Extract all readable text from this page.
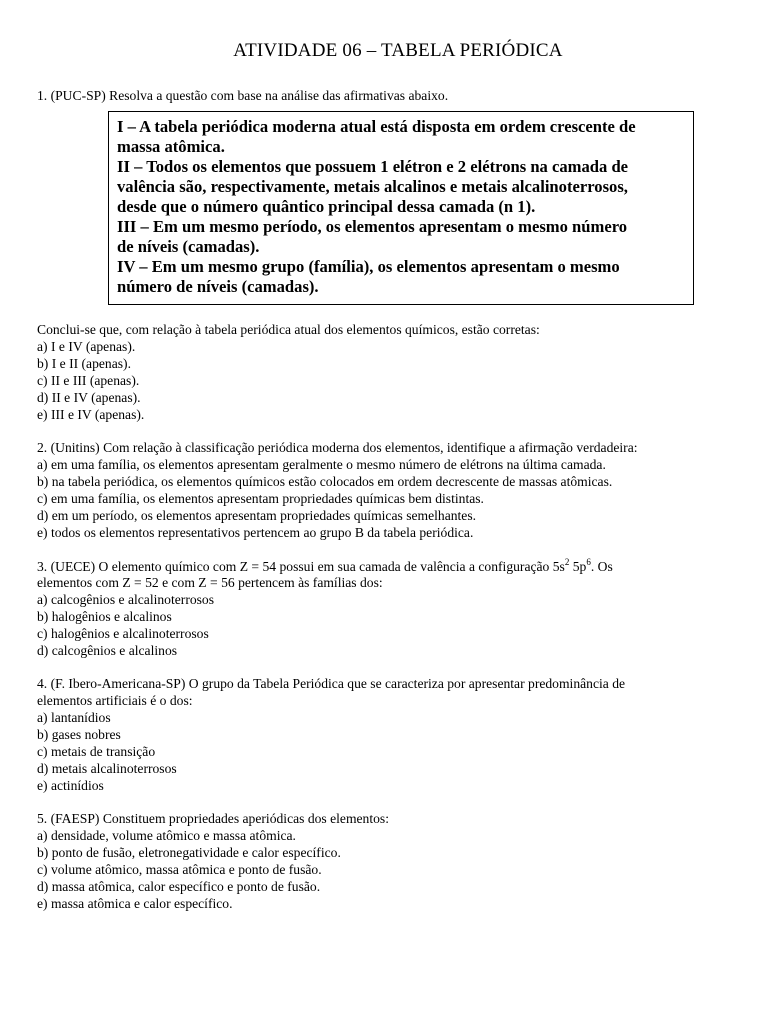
ATIVIDADE 06 – TABELA PERIÓDICA
1. (PUC-SP) Resolva a questão com base na análise das afirmativas abaixo.
I – A tabela periódica moderna atual está disposta em ordem crescente de
massa atômica.
II – Todos os elementos que possuem 1 elétron e 2 elétrons na camada de
valência são, respectivamente, metais alcalinos e metais alcalinoterrosos,
desde que o número quântico principal dessa camada (n 1).
III – Em um mesmo período, os elementos apresentam o mesmo número
de níveis (camadas).
IV – Em um mesmo grupo (família), os elementos apresentam o mesmo
número de níveis (camadas).
Conclui-se que, com relação à tabela periódica atual dos elementos químicos, estão corretas:
a) I e IV (apenas).
b) I e II (apenas).
c) II e III (apenas).
d) II e IV (apenas).
e) III e IV (apenas).
2. (Unitins) Com relação à classificação periódica moderna dos elementos, identifique a afirmação verdadeira:
a) em uma família, os elementos apresentam geralmente o mesmo número de elétrons na última camada.
b) na tabela periódica, os elementos químicos estão colocados em ordem decrescente de massas atômicas.
c) em uma família, os elementos apresentam propriedades químicas bem distintas.
d) em um período, os elementos apresentam propriedades químicas semelhantes.
e) todos os elementos representativos pertencem ao grupo B da tabela periódica.
3. (UECE) O elemento químico com Z = 54 possui em sua camada de valência a configuração $5s^2$ $5p^6$. Os
elementos com Z = 52 e com Z = 56 pertencem às famílias dos:
a) calcogênios e alcalinoterrosos
b) halogênios e alcalinos
c) halogênios e alcalinoterrosos
d) calcogênios e alcalinos
4. (F. Ibero-Americana-SP) O grupo da Tabela Periódica que se caracteriza por apresentar predominância de
elementos artificiais é o dos:
a) lantanídios
b) gases nobres
c) metais de transição
d) metais alcalinoterrosos
e) actinídios
5. (FAESP) Constituem propriedades aperiódicas dos elementos:
a) densidade, volume atômico e massa atômica.
b) ponto de fusão, eletronegatividade e calor específico.
c) volume atômico, massa atômica e ponto de fusão.
d) massa atômica, calor específico e ponto de fusão.
e) massa atômica e calor específico.
